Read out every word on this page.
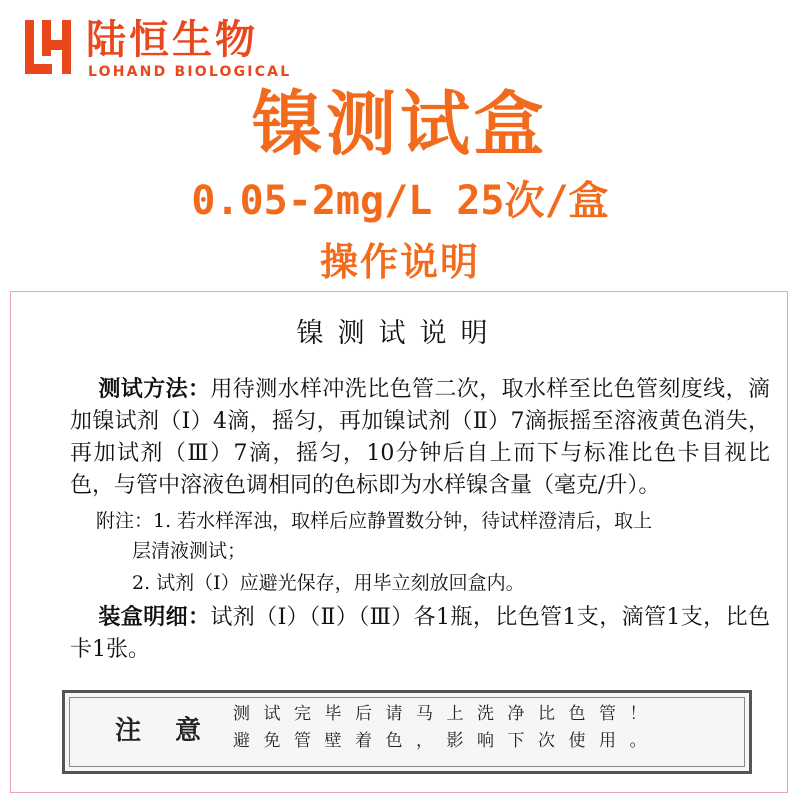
陆恒生物
LOHAND BIOLOGICAL
镍测试盒
0.05-2mg/L 25次/盒
操作说明
镍测试说明

测试方法：用待测水样冲洗比色管二次，取水样至比色管刻度线，滴加镍试剂（Ⅰ）4滴，摇匀，再加镍试剂（Ⅱ）7滴振摇至溶液黄色消失，再加试剂（Ⅲ）7滴，摇匀，10分钟后自上而下与标准比色卡目视比色，与管中溶液色调相同的色标即为水样镍含量（毫克/升）。

附注：1. 若水样浑浊，取样后应静置数分钟，待试样澄清后，取上
层清液测试；
2. 试剂（Ⅰ）应避光保存，用毕立刻放回盒内。

装盒明细：试剂（Ⅰ）（Ⅱ）（Ⅲ）各1瓶，比色管1支，滴管1支，比色卡1张。

注意
测试完毕后请马上洗净比色管！
避免管壁着色，影响下次使用。
